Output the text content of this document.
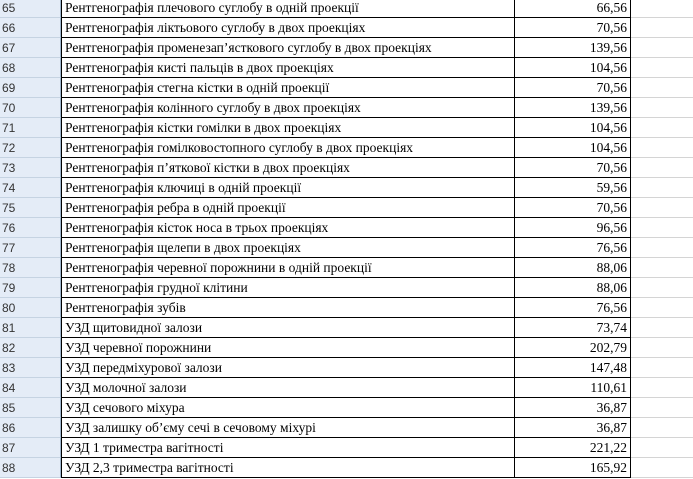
65	Рентгенографія плечового суглобу в одній проекції	66,56
66	Рентгенографія ліктьового суглобу в двох проекціях	70,56
67	Рентгенографія променезап’ясткового суглобу в двох проекціях	139,56
68	Рентгенографія кисті пальців в двох проекціях	104,56
69	Рентгенографія стегна кістки в одній проекції	70,56
70	Рентгенографія колінного суглобу в двох проекціях	139,56
71	Рентгенографія кістки гомілки в двох проекціях	104,56
72	Рентгенографія гомілковостопного суглобу в двох проекціях	104,56
73	Рентгенографія п’яткової кістки в двох проекціях	70,56
74	Рентгенографія ключиці в одній проекції	59,56
75	Рентгенографія ребра в одній проекції	70,56
76	Рентгенографія кісток носа в трьох проекціях	96,56
77	Рентгенографія щелепи в двох проекціях	76,56
78	Рентгенографія черевної порожнини в одній проекції	88,06
79	Рентгенографія грудної клітини	88,06
80	Рентгенографія зубів	76,56
81	УЗД щитовидної залози	73,74
82	УЗД черевної порожнини	202,79
83	УЗД передміхурової залози	147,48
84	УЗД молочної залози	110,61
85	УЗД сечового міхура	36,87
86	УЗД залишку об’єму сечі в сечовому міхурі	36,87
87	УЗД 1 триместра вагітності	221,22
88	УЗД 2,3 триместра вагітності	165,92
